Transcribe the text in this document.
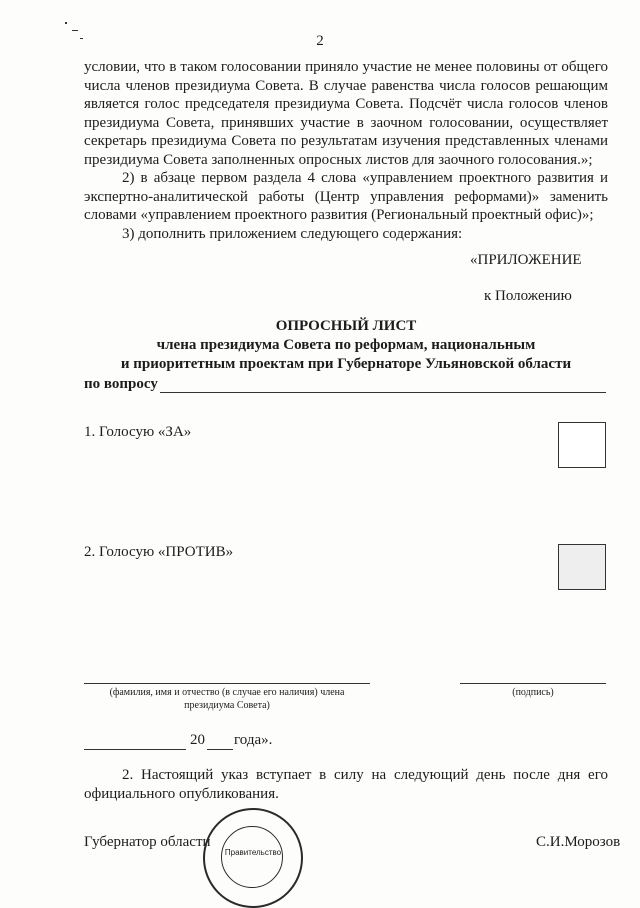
2

условии, что в таком голосовании приняло участие не менее половины от общего числа членов президиума Совета. В случае равенства числа голосов решающим является голос председателя президиума Совета. Подсчёт числа голосов членов президиума Совета, принявших участие в заочном голосовании, осуществляет секретарь президиума Совета по результатам изучения представленных членами президиума Совета заполненных опросных листов для заочного голосования.»;

2) в абзаце первом раздела 4 слова «управлением проектного развития и экспертно-аналитической работы (Центр управления реформами)» заменить словами «управлением проектного развития (Региональный проектный офис)»;

3) дополнить приложением следующего содержания:

«ПРИЛОЖЕНИЕ
к Положению
ОПРОСНЫЙ ЛИСТ
члена президиума Совета по реформам, национальным
и приоритетным проектам при Губернаторе Ульяновской области
по вопросу
1. Голосую «ЗА»
2. Голосую «ПРОТИВ»
(фамилия, имя и отчество (в случае его наличия) члена
президиума Совета)
(подпись)
20 года».
2. Настоящий указ вступает в силу на следующий день после дня его официального опубликования.
Губернатор области	С.И.Морозов
Правительство
